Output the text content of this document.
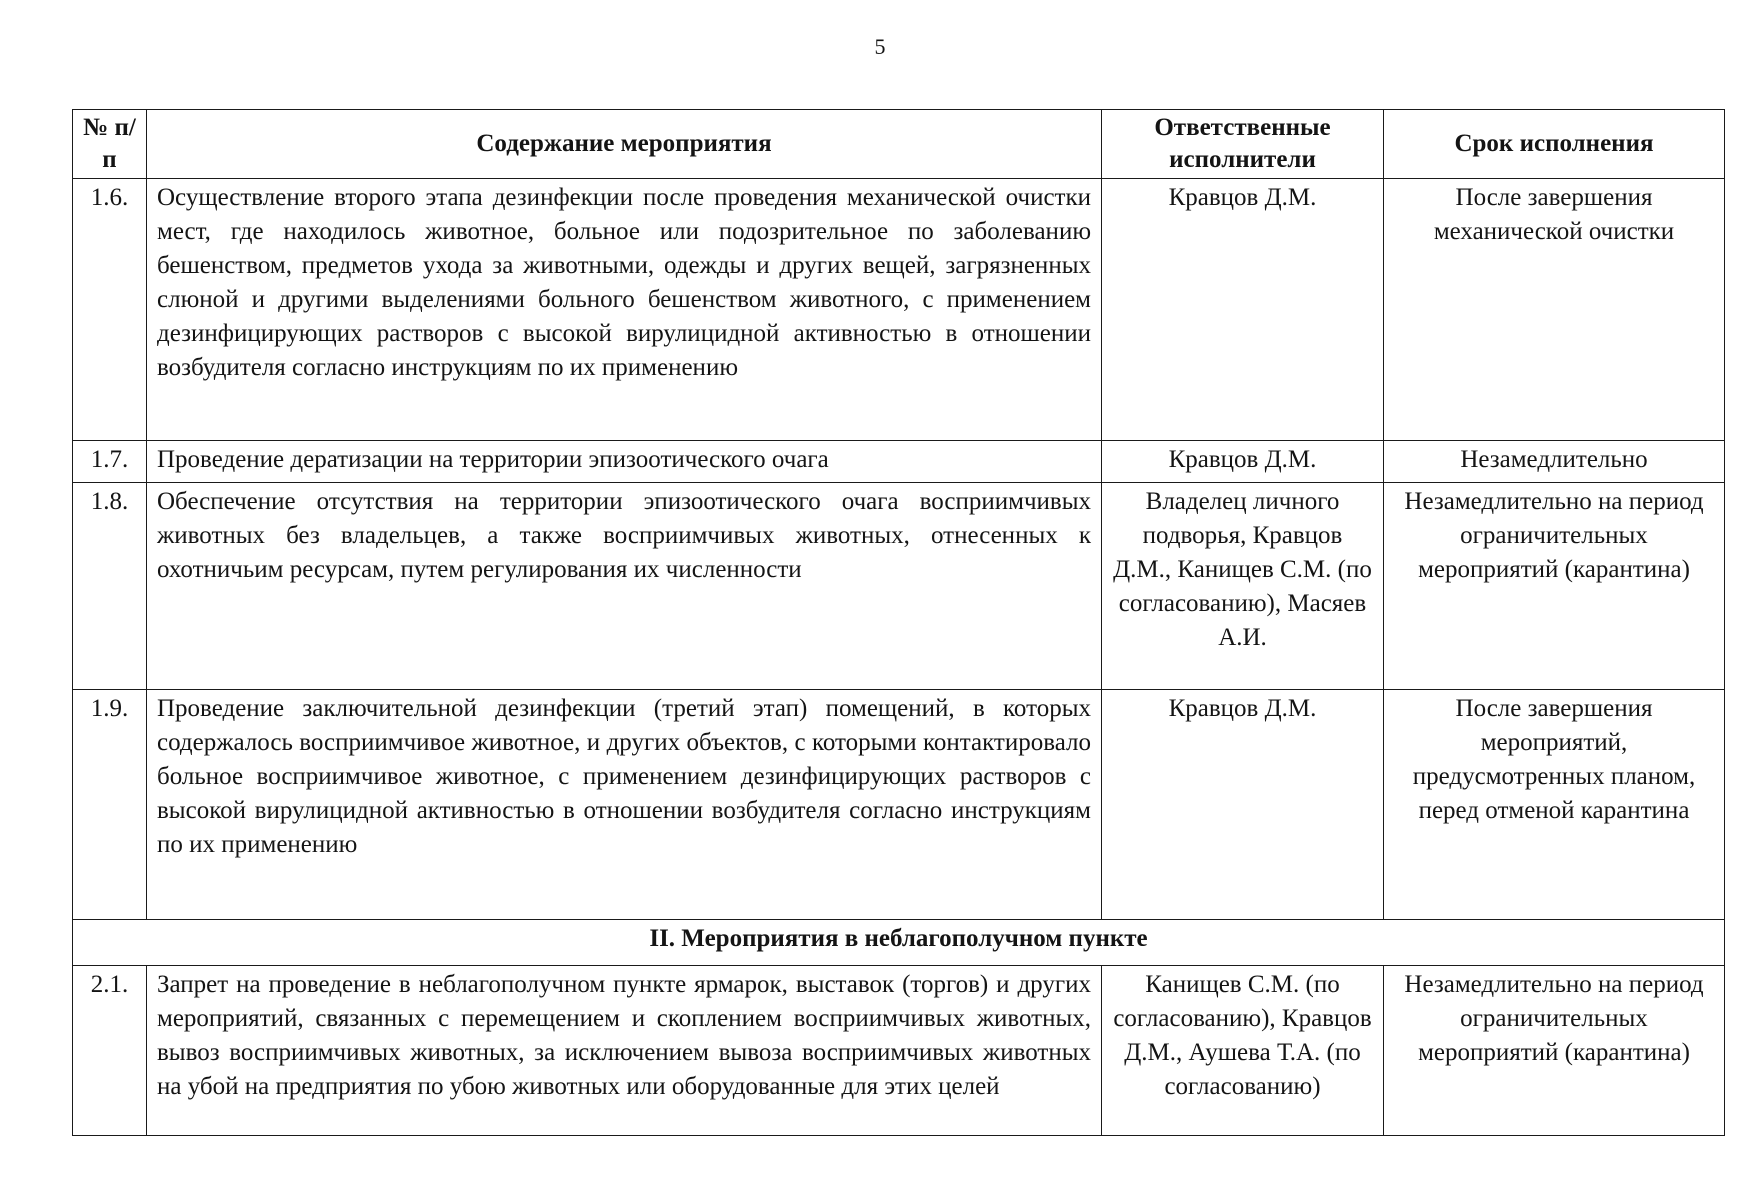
5
№ п/п	Содержание мероприятия	Ответственные исполнители	Срок исполнения
1.6.	Осуществление второго этапа дезинфекции после проведения механической очистки мест, где находилось животное, больное или подозрительное по заболеванию бешенством, предметов ухода за животными, одежды и других вещей, загрязненных слюной и другими выделениями больного бешенством животного, с применением дезинфицирующих растворов с высокой вирулицидной активностью в отношении возбудителя согласно инструкциям по их применению	Кравцов Д.М.	После завершения механической очистки
1.7.	Проведение дератизации на территории эпизоотического очага	Кравцов Д.М.	Незамедлительно
1.8.	Обеспечение отсутствия на территории эпизоотического очага восприимчивых животных без владельцев, а также восприимчивых животных, отнесенных к охотничьим ресурсам, путем регулирования их численности	Владелец личного подворья, Кравцов Д.М., Канищев С.М. (по согласованию), Масяев А.И.	Незамедлительно на период ограничительных мероприятий (карантина)
1.9.	Проведение заключительной дезинфекции (третий этап) помещений, в которых содержалось восприимчивое животное, и других объектов, с которыми контактировало больное восприимчивое животное, с применением дезинфицирующих растворов с высокой вирулицидной активностью в отношении возбудителя согласно инструкциям по их применению	Кравцов Д.М.	После завершения мероприятий, предусмотренных планом, перед отменой карантина
II. Мероприятия в неблагополучном пункте			
2.1.	Запрет на проведение в неблагополучном пункте ярмарок, выставок (торгов) и других мероприятий, связанных с перемещением и скоплением восприимчивых животных, вывоз восприимчивых животных, за исключением вывоза восприимчивых животных на убой на предприятия по убою животных или оборудованные для этих целей	Канищев С.М. (по согласованию), Кравцов Д.М., Аушева Т.А. (по согласованию)	Незамедлительно на период ограничительных мероприятий (карантина)
